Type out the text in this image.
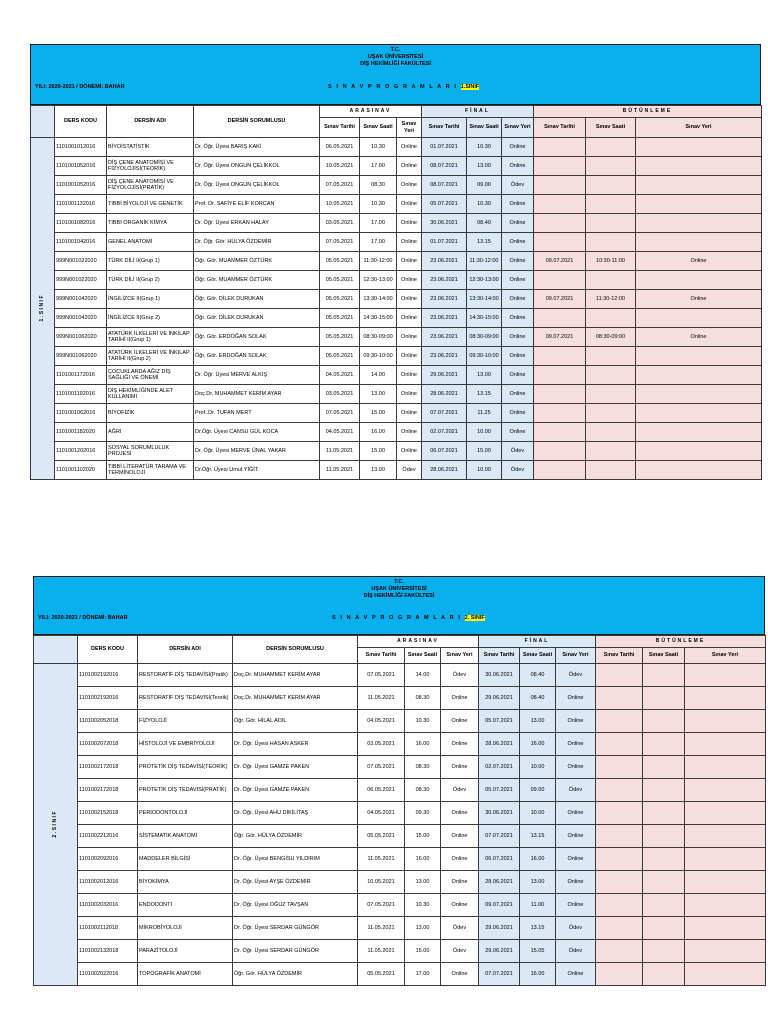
T.C.
UŞAK ÜNİVERSİTESİ
DİŞ HEKİMLİĞİ FAKÜLTESİ
YILI: 2020-2021 / DÖNEMİ: BAHAR	S I N A V P R O G R A M L A R I 1.SINIF
	DERS KODU	DERSİN ADI	DERSİN SORUMLUSU	ARASINAV			FİNAL			BÜTÜNLEME		
				Sınav Tarihi	Sınav Saati	Sınav Yeri	Sınav Tarihi	Sınav Saati	Sınav Yeri	Sınav Tarihi	Sınav Saati	Sınav Yeri
1.SINIF	1101001012016	BİYOİSTATİSTİK	Dr. Öğr. Üyesi BARIŞ KAKİ	06.05.2021	10.30	Online	01.07.2021	10.30	Online			
	1101001052016	DİŞ ÇENE ANATOMİSİ VE FİZYOLOJİSİ(TEORİK)	Dr. Öğr. Üyesi ONGUN ÇELİKKOL	10.05.2021	17.00	Online	08.07.2021	13.00	Online			
	1101001052016	DİŞ ÇENE ANATOMİSİ VE FİZYOLOJİSİ(PRATİK)	Dr. Öğr. Üyesi ONGUN ÇELİKKOL	07.05.2021	08.30	Online	08.07.2021	09.00	Ödev			
	1101001132016	TIBBİ BİYOLOJİ VE GENETİK	Prof. Dr. SAFİYE ELİF KORCAN	10.05.2021	10.30	Online	05.07.2021	10.30	Online			
	1101001082016	TIBBİ ORGANİK KİMYA	Dr. Öğr. Üyesi ERKAN HALAY	03.05.2021	17.00	Online	30.06.2021	08.40	Online			
	1101001042016	GENEL ANATOMİ	Dr. Öğr. Gör. HÜLYA ÖZDEMİR	07.05.2021	17.00	Online	01.07.2021	13.15	Online			
	999N001022020	TÜRK DİLİ II(Grup 1)	Öğr. Gör. MUAMMER ÖZTÜRK	05.05.2021	11:30-12:00	Online	23.06.2021	11:30-12:00	Online	09.07.2021	10:30-11:00	Online
	999N001022020	TÜRK DİLİ II(Grup 2)	Öğr. Gör. MUAMMER ÖZTÜRK	05.05.2021	12:30-13:00	Online	23.06.2021	12:30-13:00	Online			
	999N001042020	İNGİLİZCE II(Grup 1)	Öğr. Gör. DİLEK DURUKAN	05.05.2021	13:30-14:00	Online	23.06.2021	13:30-14:00	Online	09.07.2021	11:30-12:00	Online
	999N001042020	İNGİLİZCE II(Grup 2)	Öğr. Gör. DİLEK DURUKAN	05.05.2021	14:30-15:00	Online	23.06.2021	14:30-15:00	Online			
	999N001062020	ATATÜRK İLKELERİ VE İNKILAP TARİHİ II(Grup 1)	Öğr. Gör. ERDOĞAN SOLAK	05.05.2021	08:30-09:00	Online	23.06.2021	08:30-09:00	Online	09.07.2021	08:30-09:00	Online
	999N001062020	ATATÜRK İLKELERİ VE İNKILAP TARİHİ II(Grup 2)	Öğr. Gör. ERDOĞAN SOLAK	05.05.2021	09:30-10:00	Online	23.06.2021	09:30-10:00	Online			
	1101001172016	ÇOCUKLARDA AĞIZ DİŞ SAĞLIĞI VE ÖNEMİ	Dr. Öğr. Üyesi MERVE ALKIŞ	04.05.2021	14.00	Online	29.06.2021	13.00	Online			
	1101001192016	DİŞ HEKİMLİĞİNDE ALET KULLANIMI	Doç.Dr. MUHAMMET KERİM AYAR	03.05.2021	13.00	Online	28.06.2021	13.15	Online			
	1101001062016	BİYOFİZİK	Prof..Dr. TUFAN MERT	07.05.2021	15.00	Online	07.07.2021	11.25	Online			
	1101001182020	AĞRI	Dr.Öğr. Üyesi CANSU GÜL KOCA	04.05.2021	16.00	Online	02.07.2021	10.00	Online			
	1101001202016	SOSYAL SORUMLULUK PROJESİ	Dr. Öğr. Üyesi MERVE ÜNAL YAKAR	11.05.2021	15.00	Online	06.07.2021	15.00	Ödev			
	1101001102020	TIBBİ LİTERATÜR TARAMA VE TERMİNOLOJİ	Dr.Öğr. Üyesi Umut YİĞİT	11.05.2021	13.00	Ödev	28.06.2021	10.00	Ödev			
T.C.
UŞAK ÜNİVERSİTESİ
DİŞ HEKİMLİĞİ FAKÜLTESİ
YILI: 2020-2021 / DÖNEMİ: BAHAR	S I N A V P R O G R A M L A R I 2. SINIF
	DERS KODU	DERSİN ADI	DERSİN SORUMLUSU	ARASINAV			FİNAL			BÜTÜNLEME		
				Sınav Tarihi	Sınav Saati	Sınav Yeri	Sınav Tarihi	Sınav Saati	Sınav Yeri	Sınav Tarihi	Sınav Saati	Sınav Yeri
2.SINIF	1101002192016	RESTORATİF DİŞ TEDAVİSİ(Pratik)	Doç.Dr. MUHAMMET KERİM AYAR	07.05.2021	14.00	Ödev	30.06.2021	08.40	Ödev			
	1101002192016	RESTORATİF DİŞ TEDAVİSİ(Teorik)	Doç.Dr. MUHAMMET KERİM AYAR	11.05.2021	08.30	Online	29.06.2021	08.40	Online			
	1101002052018	FİZYOLOJİ	Öğr. Gör. HİLAL ADIL	04.05.2021	10.30	Online	05.07.2021	13.00	Online			
	1101002072018	HİSTOLOJİ VE EMBRİYOLOJİ	Dr. Öğr. Üyesi HASAN ASKER	03.05.2021	16.00	Online	28.06.2021	16.00	Online			
	1101002172018	PROTETİK DİŞ TEDAVİSİ(TEORİK)	Dr. Öğr. Üyesi GAMZE PAKEN	07.05.2021	08.30	Online	02.07.2021	10.00	Online			
	1101002172018	PROTETİK DİŞ TEDAVİSİ(PRATİK)	Dr. Öğr. Üyesi GAMZE PAKEN	06.05.2021	08.30	Ödev	05.07.2021	09.00	Ödev			
	1101002152018	PERİODONTOLOJİ	Dr. Öğr. Üyesi AHU DİKİLİTAŞ	04.05.2021	09.30	Online	30.06.2021	10.00	Online			
	1101002212016	SİSTEMATİK ANATOMİ	Öğr. Gör. HÜLYA ÖZDEMİR	05.05.2021	15.00	Online	07.07.2021	13.15	Online			
	1101002092016	MADDELER BİLGİSİ	Dr. Öğr. Üyesi BENGİSU YILDIRIM	11.05.2021	16.00	Online	06.07.2021	16.00	Online			
	1101002012016	BİYOKİMYA	Dr. Öğr. Üyesi AYŞE ÖZDEMİR	10.05.2021	13.00	Online	28.06.2021	13.00	Online			
	1101002032016	ENDODONTİ	Dr. Öğr. Üyesi OĞUZ TAVŞAN	07.05.2021	10.30	Online	09.07.2021	11.00	Online			
	1101002112018	MİKROBİYOLOJİ	Dr. Öğr. Üyesi SERDAR GÜNGÖR	11.05.2021	13.00	Ödev	29.06.2021	13.15	Ödev			
	1101002132018	PARAZİTOLOJİ	Dr. Öğr. Üyesi SERDAR GÜNGÖR	11.05.2021	15.00	Ödev	29.06.2021	15.05	Ödev			
	1101002022016	TOPOGRAFİK ANATOMİ	Öğr. Gör. HÜLYA ÖZDEMİR	05.05.2021	17.00	Online	07.07.2021	16.00	Online			
